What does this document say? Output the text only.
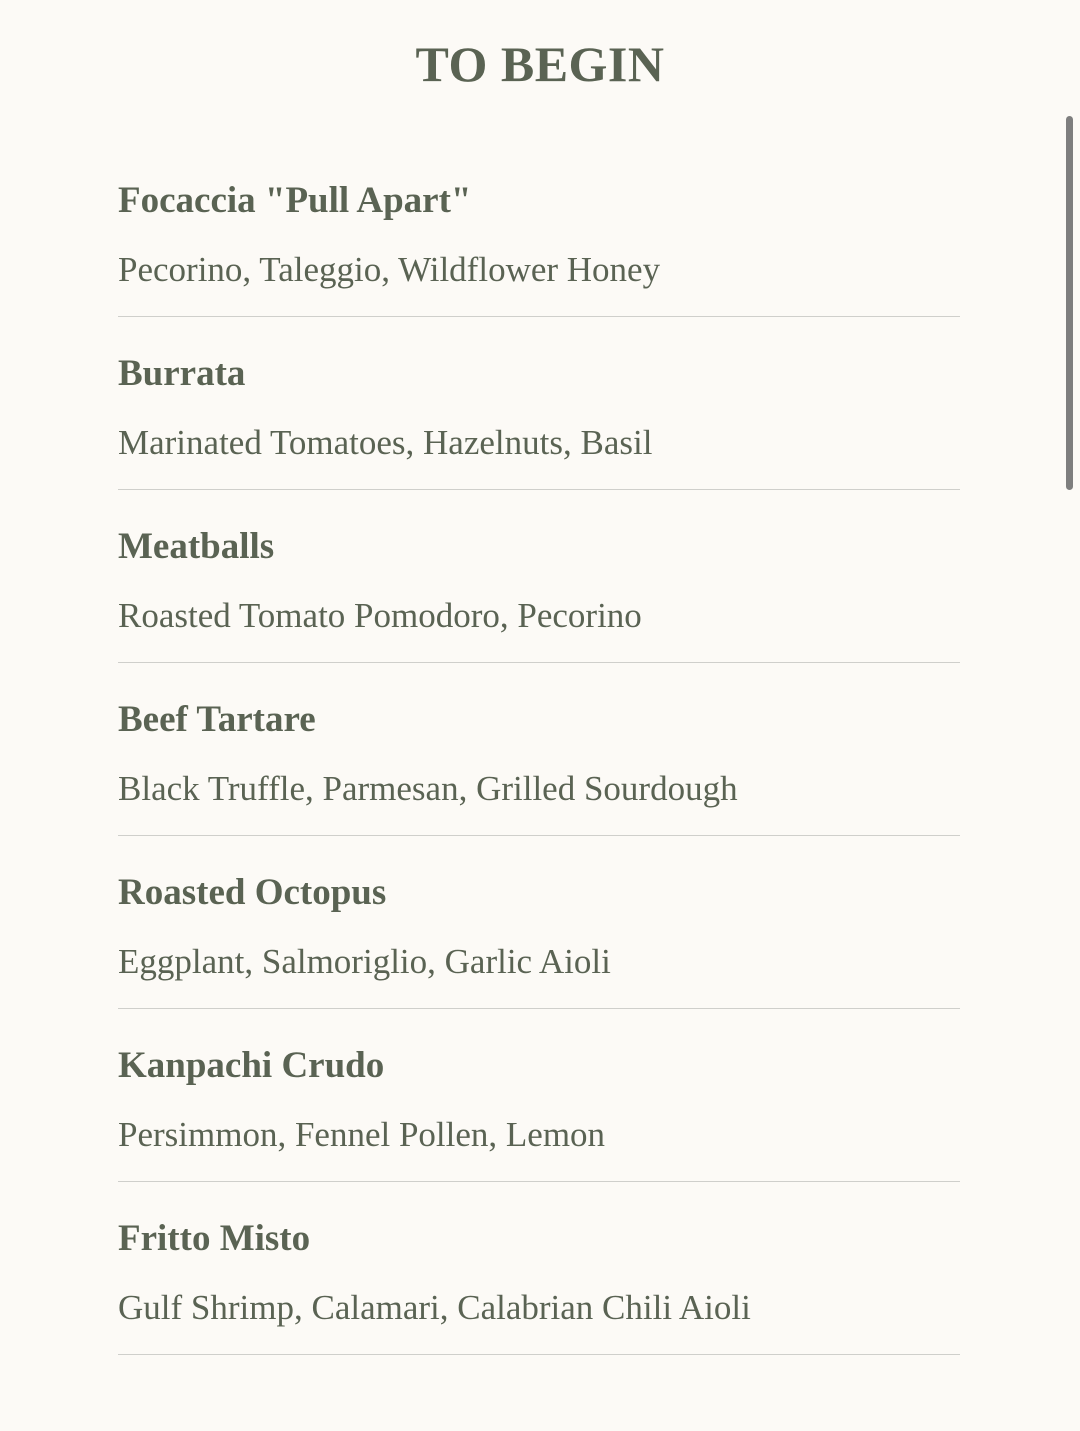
TO BEGIN
Focaccia "Pull Apart"
Pecorino, Taleggio, Wildflower Honey
Burrata
Marinated Tomatoes, Hazelnuts, Basil
Meatballs
Roasted Tomato Pomodoro, Pecorino
Beef Tartare
Black Truffle, Parmesan, Grilled Sourdough
Roasted Octopus
Eggplant, Salmoriglio, Garlic Aioli
Kanpachi Crudo
Persimmon, Fennel Pollen, Lemon
Fritto Misto
Gulf Shrimp, Calamari, Calabrian Chili Aioli
